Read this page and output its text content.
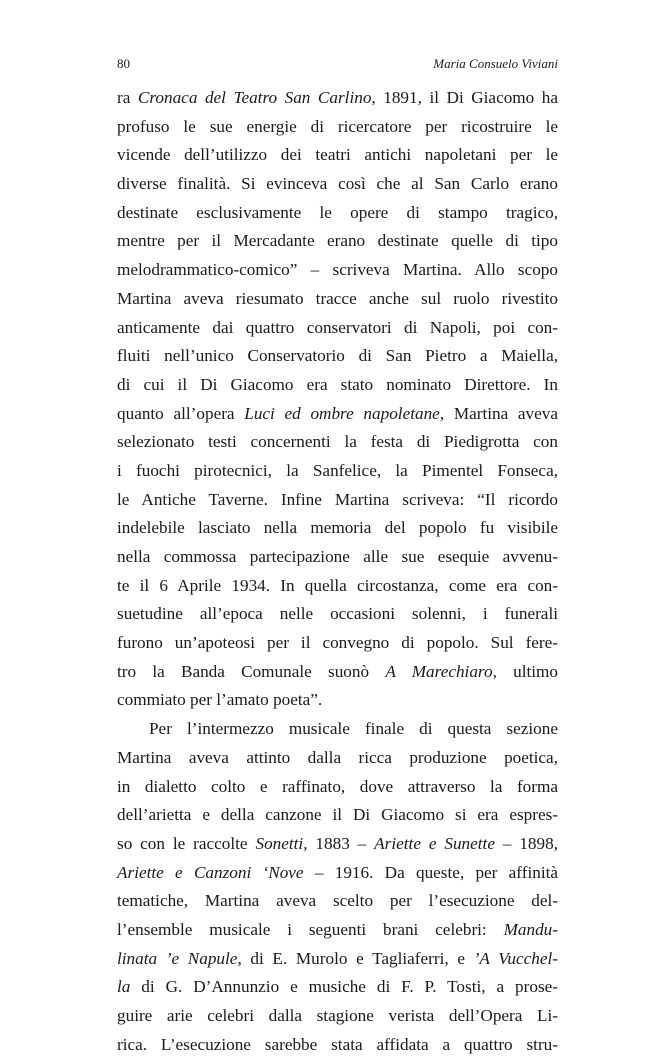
80	Maria Consuelo Viviani
ra Cronaca del Teatro San Carlino, 1891, il Di Giacomo ha
profuso le sue energie di ricercatore per ricostruire le
vicende dell’utilizzo dei teatri antichi napoletani per le
diverse finalità. Si evinceva così che al San Carlo erano
destinate esclusivamente le opere di stampo tragico,
mentre per il Mercadante erano destinate quelle di tipo
melodrammatico-comico” – scriveva Martina. Allo scopo
Martina aveva riesumato tracce anche sul ruolo rivestito
anticamente dai quattro conservatori di Napoli, poi con-
fluiti nell’unico Conservatorio di San Pietro a Maiella,
di cui il Di Giacomo era stato nominato Direttore. In
quanto all’opera Luci ed ombre napoletane, Martina aveva
selezionato testi concernenti la festa di Piedigrotta con
i fuochi pirotecnici, la Sanfelice, la Pimentel Fonseca,
le Antiche Taverne. Infine Martina scriveva: “Il ricordo
indelebile lasciato nella memoria del popolo fu visibile
nella commossa partecipazione alle sue esequie avvenu-
te il 6 Aprile 1934. In quella circostanza, come era con-
suetudine all’epoca nelle occasioni solenni, i funerali
furono un’apoteosi per il convegno di popolo. Sul fere-
tro la Banda Comunale suonò A Marechiaro, ultimo
commiato per l’amato poeta”.
Per l’intermezzo musicale finale di questa sezione
Martina aveva attinto dalla ricca produzione poetica,
in dialetto colto e raffinato, dove attraverso la forma
dell’arietta e della canzone il Di Giacomo si era espres-
so con le raccolte Sonetti, 1883 – Ariette e Sunette – 1898,
Ariette e Canzoni ‘Nove – 1916. Da queste, per affinità
tematiche, Martina aveva scelto per l’esecuzione del-
l’ensemble musicale i seguenti brani celebri: Mandu-
linata ’e Napule, di E. Murolo e Tagliaferri, e ’A Vucchel-
la di G. D’Annunzio e musiche di F. P. Tosti, a prose-
guire arie celebri dalla stagione verista dell’Opera Li-
rica. L’esecuzione sarebbe stata affidata a quattro stru-
